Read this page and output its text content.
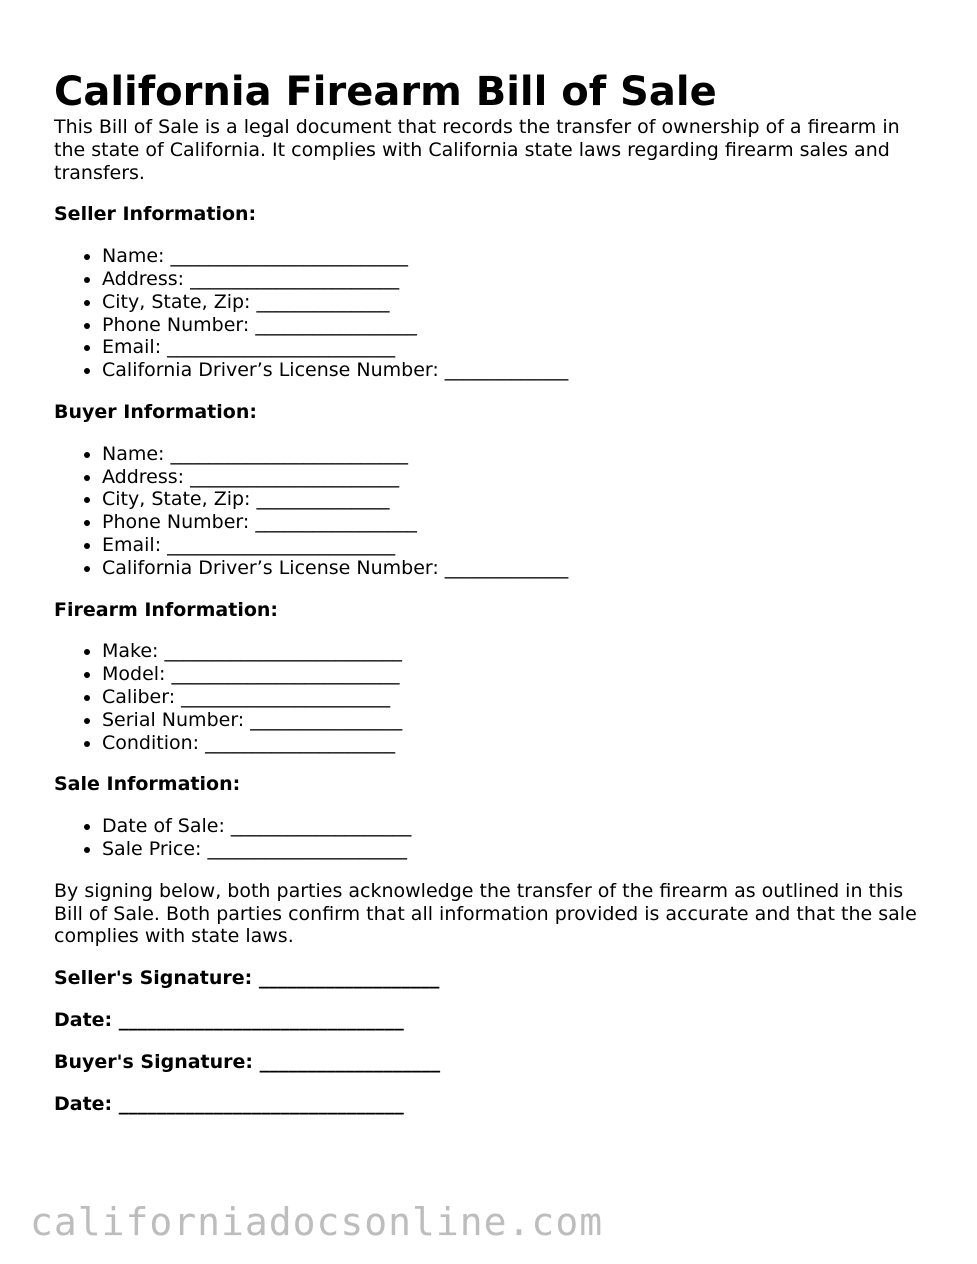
California Firearm Bill of Sale

This Bill of Sale is a legal document that records the transfer of ownership of a firearm in the state of California. It complies with California state laws regarding firearm sales and transfers.

Seller Information:

• Name: _________________________
• Address: ______________________
• City, State, Zip: ______________
• Phone Number: _________________
• Email: ________________________
• California Driver’s License Number: _____________

Buyer Information:

• Name: _________________________
• Address: ______________________
• City, State, Zip: ______________
• Phone Number: _________________
• Email: ________________________
• California Driver’s License Number: _____________

Firearm Information:

• Make: _________________________
• Model: ________________________
• Caliber: ______________________
• Serial Number: ________________
• Condition: ____________________

Sale Information:

• Date of Sale: ___________________
• Sale Price: _____________________

By signing below, both parties acknowledge the transfer of the firearm as outlined in this Bill of Sale. Both parties confirm that all information provided is accurate and that the sale complies with state laws.

Seller's Signature: ___________________

Date: ______________________________

Buyer's Signature: ___________________

Date: ______________________________

californiadocsonline.com
